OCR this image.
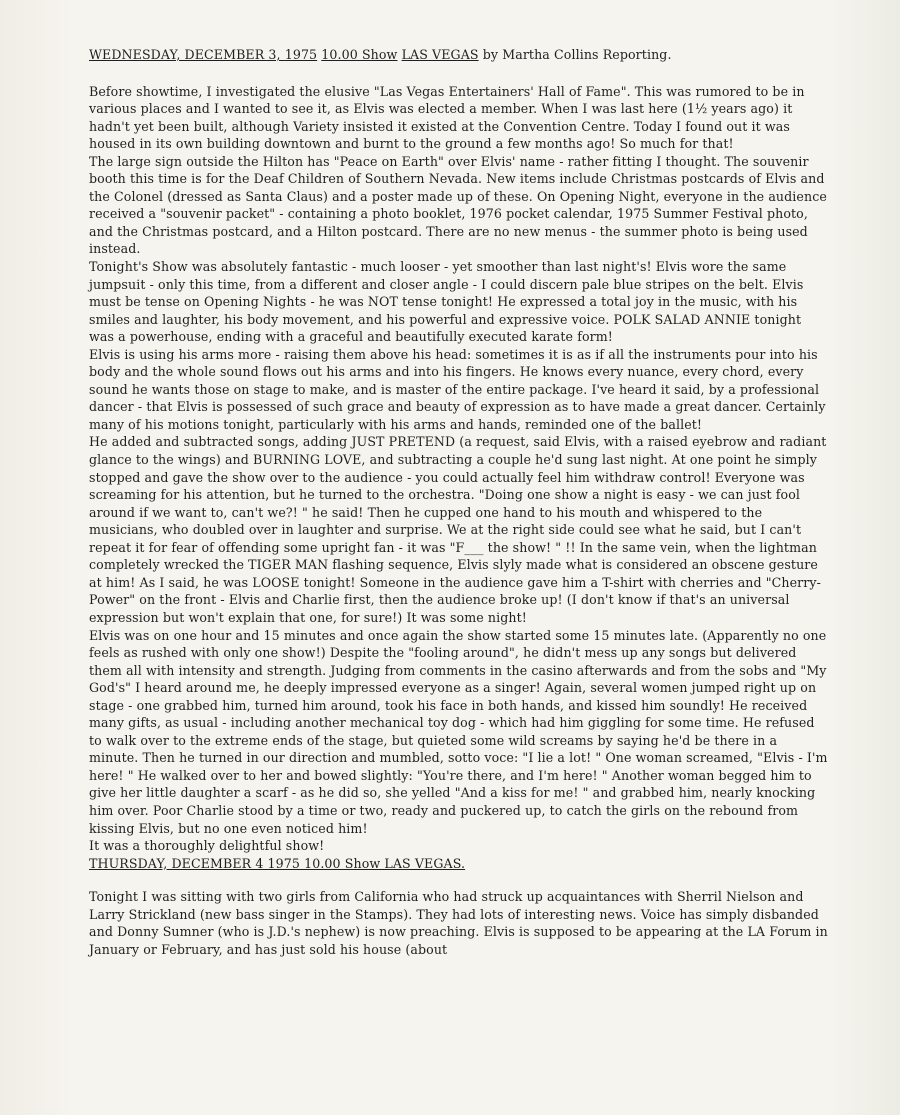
WEDNESDAY, DECEMBER 3, 1975 10.00 Show LAS VEGAS by Martha Collins Reporting.

Before showtime, I investigated the elusive "Las Vegas Entertainers' Hall of Fame". This was rumored to be in various places and I wanted to see it, as Elvis was elected a member. When I was last here (1½ years ago) it hadn't yet been built, although Variety insisted it existed at the Convention Centre. Today I found out it was housed in its own building downtown and burnt to the ground a few months ago! So much for that!

The large sign outside the Hilton has "Peace on Earth" over Elvis' name - rather fitting I thought. The souvenir booth this time is for the Deaf Children of Southern Nevada. New items include Christmas postcards of Elvis and the Colonel (dressed as Santa Claus) and a poster made up of these. On Opening Night, everyone in the audience received a "souvenir packet" - containing a photo booklet, 1976 pocket calendar, 1975 Summer Festival photo, and the Christmas postcard, and a Hilton postcard. There are no new menus - the summer photo is being used instead.

Tonight's Show was absolutely fantastic - much looser - yet smoother than last night's! Elvis wore the same jumpsuit - only this time, from a different and closer angle - I could discern pale blue stripes on the belt. Elvis must be tense on Opening Nights - he was NOT tense tonight! He expressed a total joy in the music, with his smiles and laughter, his body movement, and his powerful and expressive voice. POLK SALAD ANNIE tonight was a powerhouse, ending with a graceful and beautifully executed karate form!

Elvis is using his arms more - raising them above his head: sometimes it is as if all the instruments pour into his body and the whole sound flows out his arms and into his fingers. He knows every nuance, every chord, every sound he wants those on stage to make, and is master of the entire package. I've heard it said, by a professional dancer - that Elvis is possessed of such grace and beauty of expression as to have made a great dancer. Certainly many of his motions tonight, particularly with his arms and hands, reminded one of the ballet!

He added and subtracted songs, adding JUST PRETEND (a request, said Elvis, with a raised eyebrow and radiant glance to the wings) and BURNING LOVE, and subtracting a couple he'd sung last night. At one point he simply stopped and gave the show over to the audience - you could actually feel him withdraw control! Everyone was screaming for his attention, but he turned to the orchestra. "Doing one show a night is easy - we can just fool around if we want to, can't we?! " he said! Then he cupped one hand to his mouth and whispered to the musicians, who doubled over in laughter and surprise. We at the right side could see what he said, but I can't repeat it for fear of offending some upright fan - it was "F___ the show! " !! In the same vein, when the lightman completely wrecked the TIGER MAN flashing sequence, Elvis slyly made what is considered an obscene gesture at him! As I said, he was LOOSE tonight! Someone in the audience gave him a T-shirt with cherries and "Cherry-Power" on the front - Elvis and Charlie first, then the audience broke up! (I don't know if that's an universal expression but won't explain that one, for sure!) It was some night!

Elvis was on one hour and 15 minutes and once again the show started some 15 minutes late. (Apparently no one feels as rushed with only one show!) Despite the "fooling around", he didn't mess up any songs but delivered them all with intensity and strength. Judging from comments in the casino afterwards and from the sobs and "My God's" I heard around me, he deeply impressed everyone as a singer! Again, several women jumped right up on stage - one grabbed him, turned him around, took his face in both hands, and kissed him soundly! He received many gifts, as usual - including another mechanical toy dog - which had him giggling for some time. He refused to walk over to the extreme ends of the stage, but quieted some wild screams by saying he'd be there in a minute. Then he turned in our direction and mumbled, sotto voce: "I lie a lot! " One woman screamed, "Elvis - I'm here! " He walked over to her and bowed slightly: "You're there, and I'm here! " Another woman begged him to give her little daughter a scarf - as he did so, she yelled "And a kiss for me! " and grabbed him, nearly knocking him over. Poor Charlie stood by a time or two, ready and puckered up, to catch the girls on the rebound from kissing Elvis, but no one even noticed him!

It was a thoroughly delightful show!

THURSDAY, DECEMBER 4 1975 10.00 Show LAS VEGAS.

Tonight I was sitting with two girls from California who had struck up acquaintances with Sherril Nielson and Larry Strickland (new bass singer in the Stamps). They had lots of interesting news. Voice has simply disbanded and Donny Sumner (who is J.D.'s nephew) is now preaching. Elvis is supposed to be appearing at the LA Forum in January or February, and has just sold his house (about
